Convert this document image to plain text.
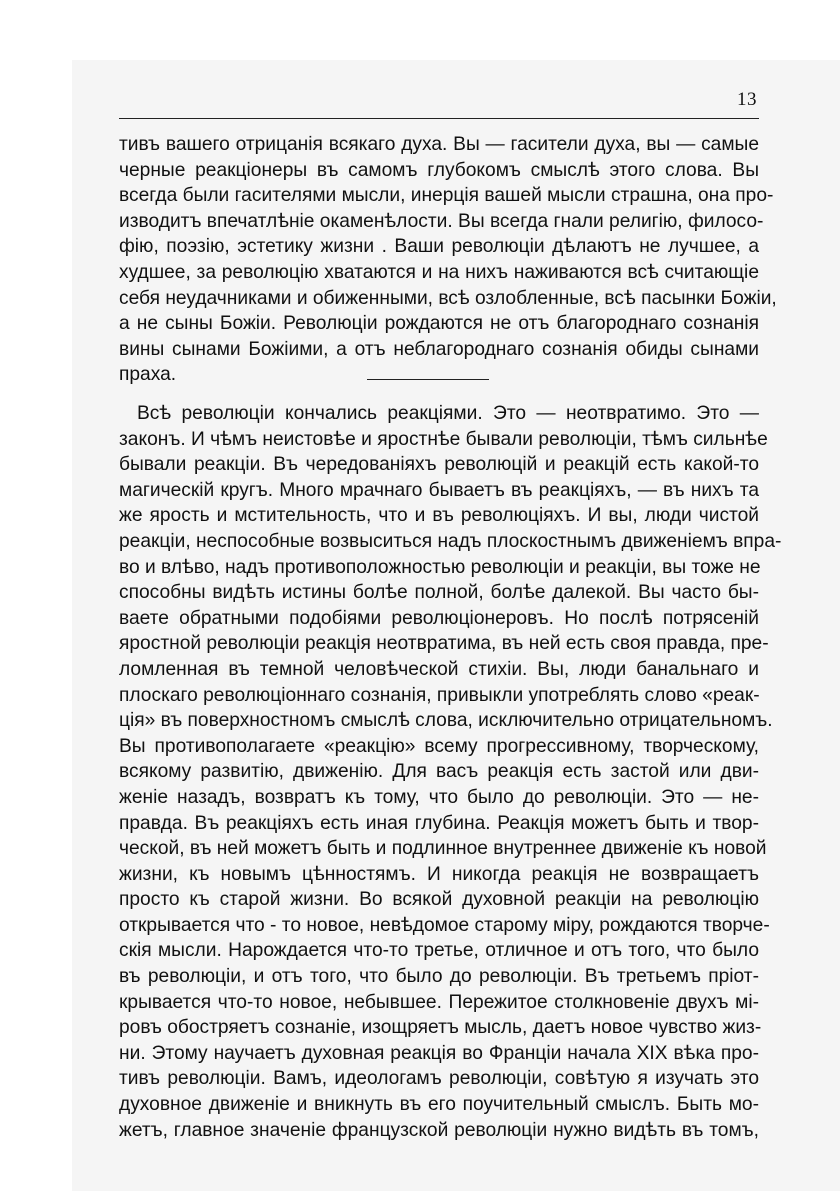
13
тивъ вашего отрицанія всякаго духа. Вы — гасители духа, вы — самые
черные реакціонеры въ самомъ глубокомъ смыслѣ этого слова. Вы
всегда были гасителями мысли, инерція вашей мысли страшна, она про-
изводитъ впечатлѣніе окаменѣлости. Вы всегда гнали религію, филосо-
фію, поэзію, эстетику жизни . Ваши революціи дѣлаютъ не лучшее, а
худшее, за революцію хватаются и на нихъ наживаются всѣ считающіе
себя неудачниками и обиженными, всѣ озлобленные, всѣ пасынки Божіи,
а не сыны Божіи. Революціи рождаются не отъ благороднаго сознанія
вины сынами Божіими, а отъ неблагороднаго сознанія обиды сынами
праха.
Всѣ революціи кончались реакціями. Это — неотвратимо. Это —
законъ. И чѣмъ неистовѣе и яростнѣе бывали революціи, тѣмъ сильнѣе
бывали реакціи. Въ чередованіяхъ революцій и реакцій есть какой-то
магическій кругъ. Много мрачнаго бываетъ въ реакціяхъ, — въ нихъ та
же ярость и мстительность, что и въ революціяхъ. И вы, люди чистой
реакціи, неспособные возвыситься надъ плоскостнымъ движеніемъ впра-
во и влѣво, надъ противоположностью революціи и реакціи, вы тоже не
способны видѣть истины болѣе полной, болѣе далекой. Вы часто бы-
ваете обратными подобіями революціонеровъ. Но послѣ потрясеній
яростной революціи реакція неотвратима, въ ней есть своя правда, пре-
ломленная въ темной человѣческой стихіи. Вы, люди банальнаго и
плоскаго революціоннаго сознанія, привыкли употреблять слово «реак-
ція» въ поверхностномъ смыслѣ слова, исключительно отрицательномъ.
Вы противополагаете «реакцію» всему прогрессивному, творческому,
всякому развитію, движенію. Для васъ реакція есть застой или дви-
женіе назадъ, возвратъ къ тому, что было до революціи. Это — не-
правда. Въ реакціяхъ есть иная глубина. Реакція можетъ быть и твор-
ческой, въ ней можетъ быть и подлинное внутреннее движеніе къ новой
жизни, къ новымъ цѣнностямъ. И никогда реакція не возвращаетъ
просто къ старой жизни. Во всякой духовной реакціи на революцію
открывается что - то новое, невѣдомое старому міру, рождаются творче-
скія мысли. Нарождается что-то третье, отличное и отъ того, что было
въ революціи, и отъ того, что было до революціи. Въ третьемъ пріот-
крывается что-то новое, небывшее. Пережитое столкновеніе двухъ мі-
ровъ обостряетъ сознаніе, изощряетъ мысль, даетъ новое чувство жиз-
ни. Этому научаетъ духовная реакція во Франціи начала XIX вѣка про-
тивъ революціи. Вамъ, идеологамъ революціи, совѣтую я изучать это
духовное движеніе и вникнуть въ его поучительный смыслъ. Быть мо-
жетъ, главное значеніе французской революціи нужно видѣть въ томъ,
